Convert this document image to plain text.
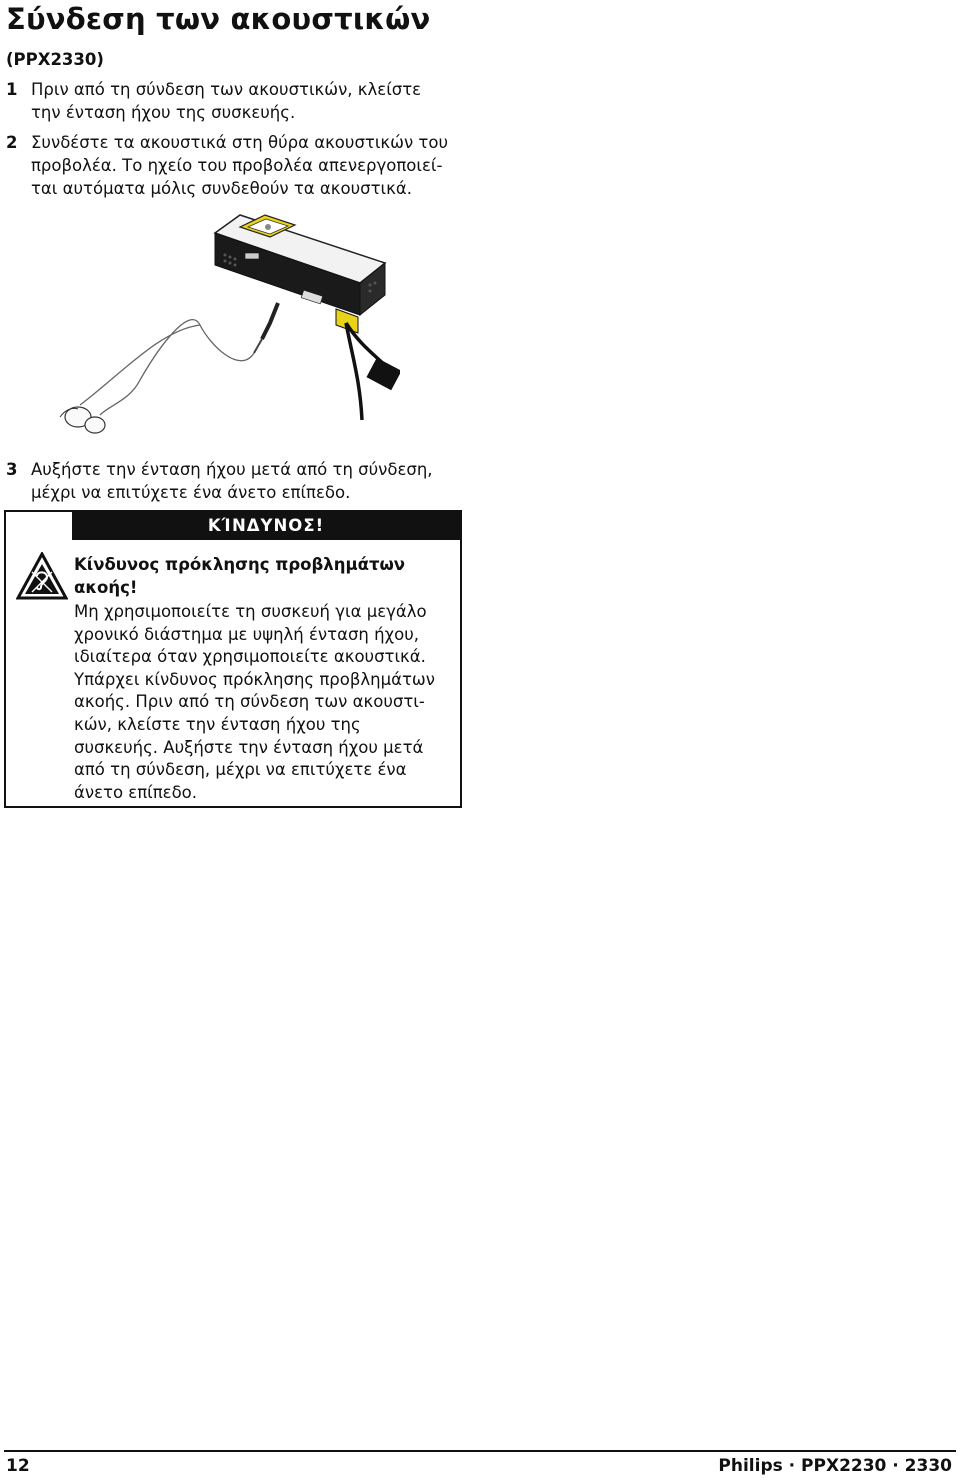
Σύνδεση των ακουστικών
(PPX2330)
1 Πριν από τη σύνδεση των ακουστικών, κλείστε
την ένταση ήχου της συσκευής.
2 Συνδέστε τα ακουστικά στη θύρα ακουστικών του
προβολέα. Το ηχείο του προβολέα απενεργοποιεί-
ται αυτόματα μόλις συνδεθούν τα ακουστικά.
3 Αυξήστε την ένταση ήχου μετά από τη σύνδεση,
μέχρι να επιτύχετε ένα άνετο επίπεδο.
ΚΊΝΔΥΝΟΣ!
Κίνδυνος πρόκλησης προβλημάτων
ακοής!
Μη χρησιμοποιείτε τη συσκευή για μεγάλο
χρονικό διάστημα με υψηλή ένταση ήχου,
ιδιαίτερα όταν χρησιμοποιείτε ακουστικά.
Υπάρχει κίνδυνος πρόκλησης προβλημάτων
ακοής. Πριν από τη σύνδεση των ακουστι-
κών, κλείστε την ένταση ήχου της
συσκευής. Αυξήστε την ένταση ήχου μετά
από τη σύνδεση, μέχρι να επιτύχετε ένα
άνετο επίπεδο.
12	Philips · PPX2230 · 2330
